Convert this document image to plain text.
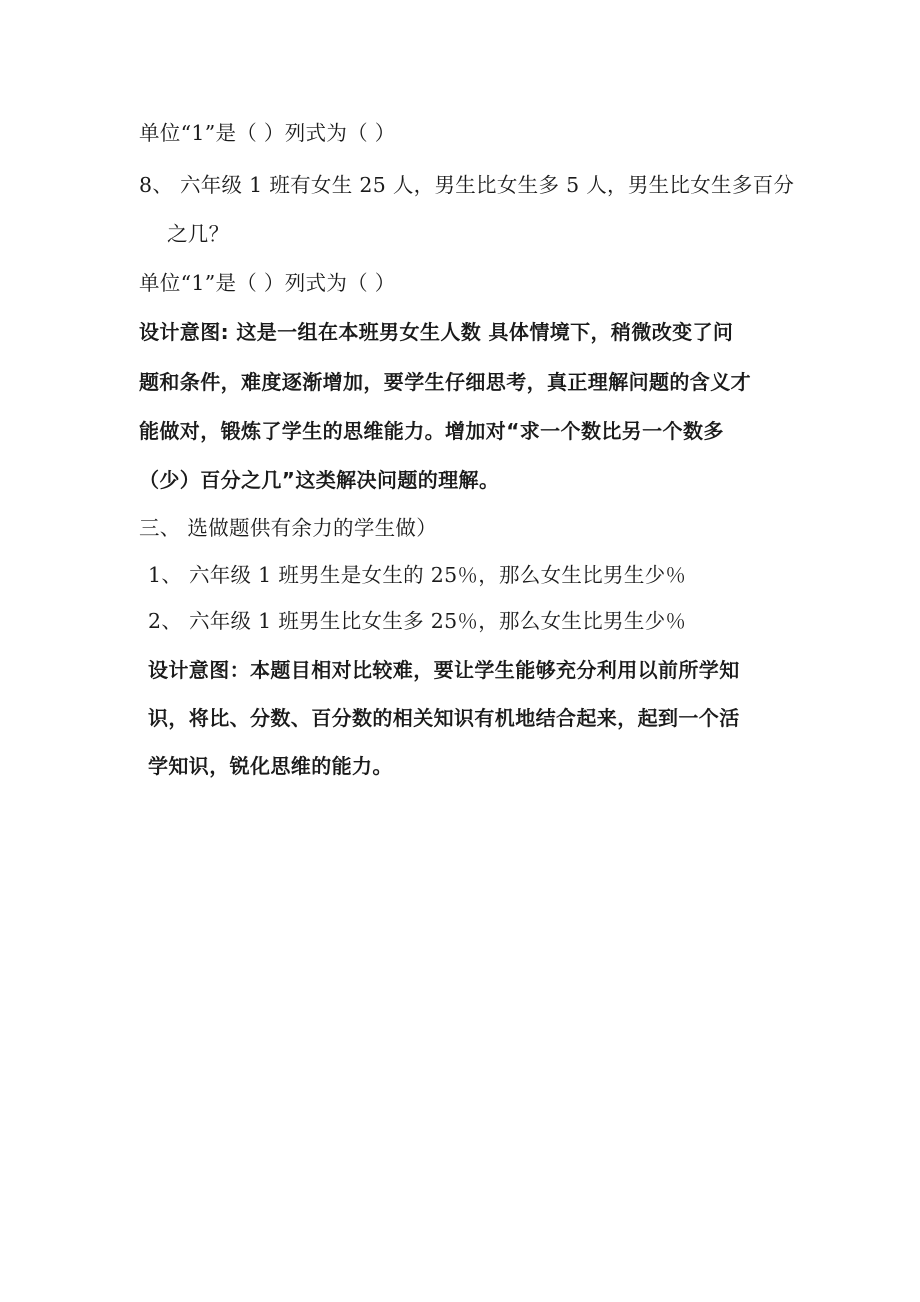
单位“1”是（ ）列式为（ ）
8、 六年级 1 班有女生 25 人，男生比女生多 5 人，男生比女生多百分
之几？
单位“1”是（ ）列式为（ ）
设计意图: 这是一组在本班男女生人数 具体情境下，稍微改变了问
题和条件，难度逐渐增加，要学生仔细思考，真正理解问题的含义才
能做对，锻炼了学生的思维能力。增加对“求一个数比另一个数多
（少）百分之几”这类解决问题的理解。
三、 选做题供有余力的学生做）
1、 六年级 1 班男生是女生的 25％，那么女生比男生少％
2、 六年级 1 班男生比女生多 25％，那么女生比男生少％
设计意图：本题目相对比较难，要让学生能够充分利用以前所学知
识，将比、分数、百分数的相关知识有机地结合起来，起到一个活
学知识，锐化思维的能力。
